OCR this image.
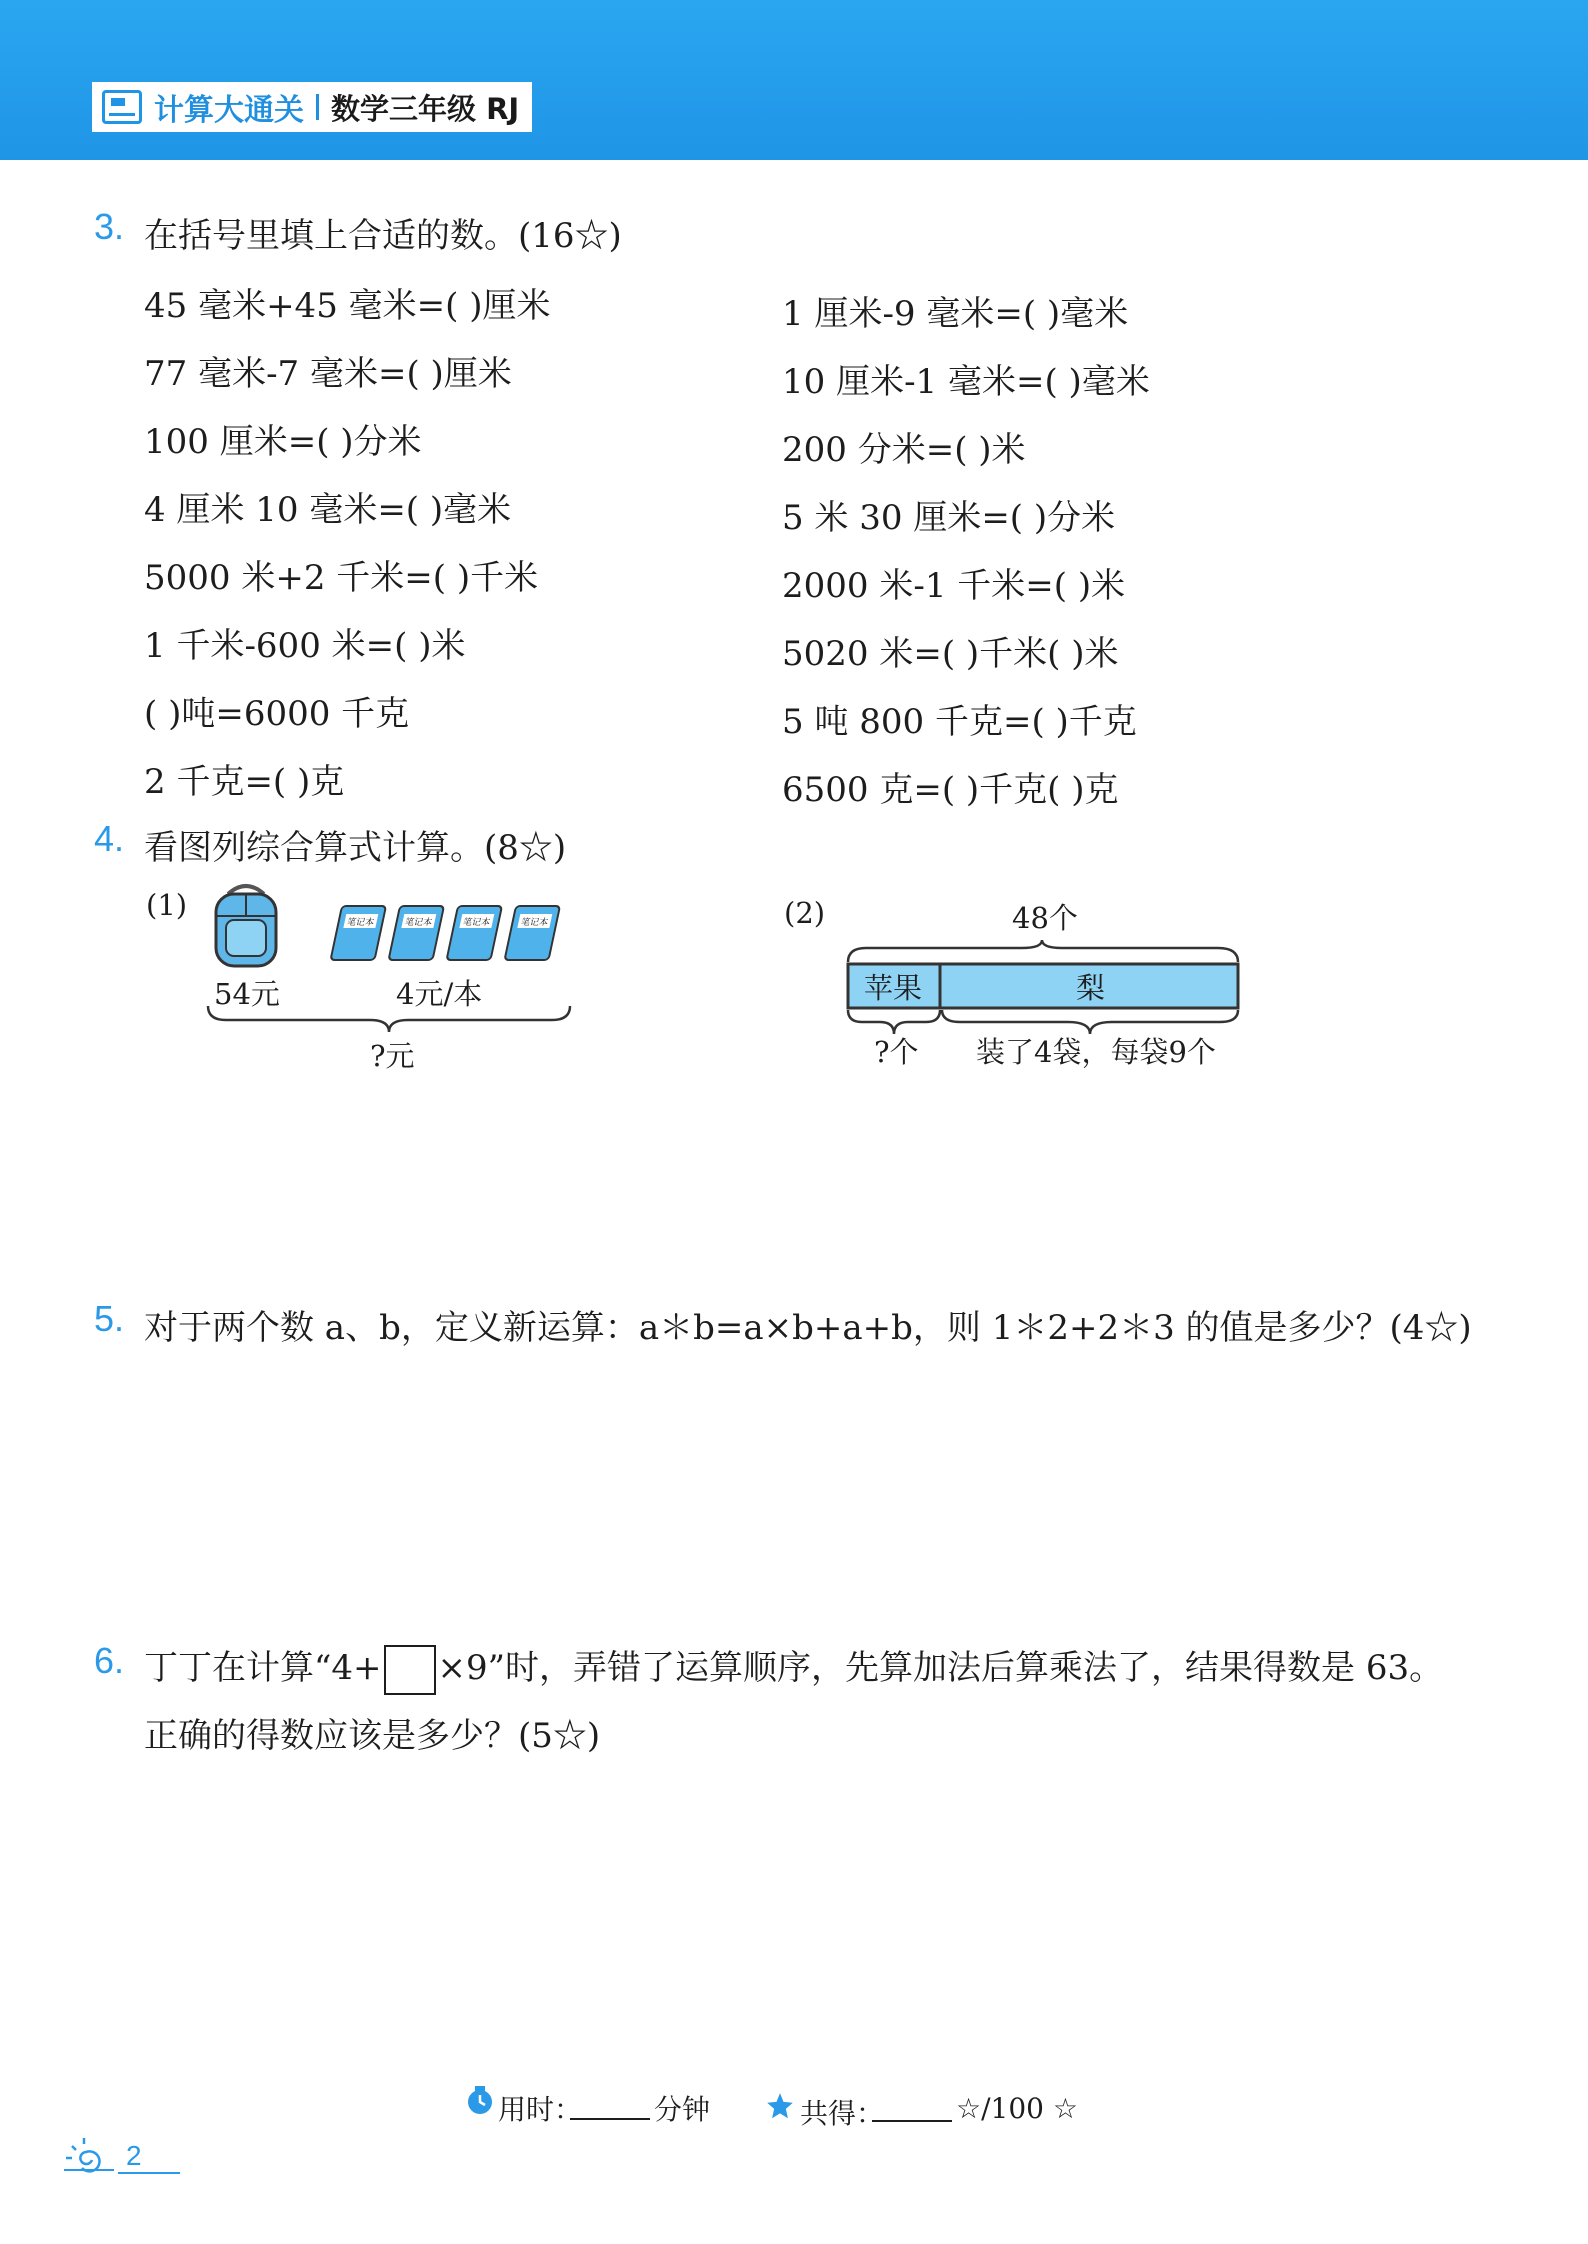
计算大通关 数学三年级 RJ
3. 在括号里填上合适的数。(16☆)
45 毫米+45 毫米=( )厘米
77 毫米-7 毫米=( )厘米
100 厘米=( )分米
4 厘米 10 毫米=( )毫米
5000 米+2 千米=( )千米
1 千米-600 米=( )米
( )吨=6000 千克
2 千克=( )克
1 厘米-9 毫米=( )毫米
10 厘米-1 毫米=( )毫米
200 分米=( )米
5 米 30 厘米=( )分米
2000 米-1 千米=( )米
5020 米=( )千米( )米
5 吨 800 千克=( )千克
6500 克=( )千克( )克
4. 看图列综合算式计算。(8☆)
(1)
笔记本	笔记本	笔记本	笔记本
54元	4元/本
?元
(2)	48个
苹果	梨
?个 装了4袋，每袋9个
5. 对于两个数 a、b，定义新运算：a＊b=a×b+a+b，则 1＊2+2＊3 的值是多少？(4☆)
6. 丁丁在计算“4+ ×9”时，弄错了运算顺序，先算加法后算乘法了，结果得数是 63。
正确的得数应该是多少？(5☆)
用时：	分钟	共得：	☆/100 ☆
2
